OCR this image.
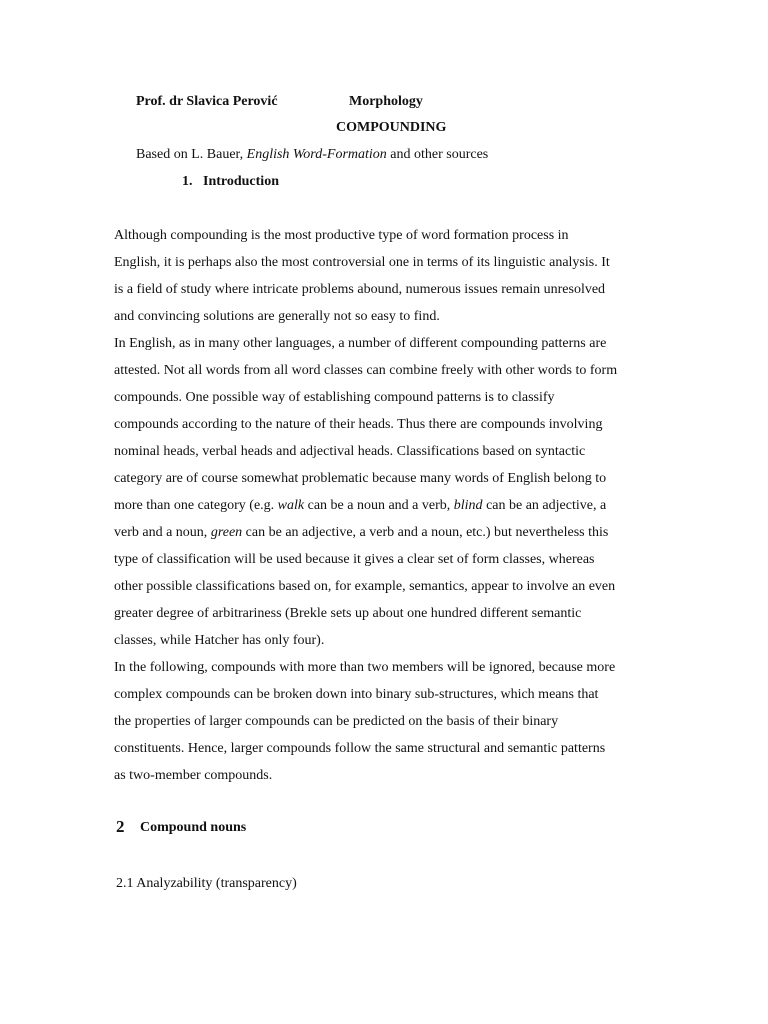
Prof. dr Slavica Perović	Morphology

COMPOUNDING

Based on L. Bauer, English Word-Formation and other sources

1.   Introduction

Although compounding is the most productive type of word formation process in
English, it is perhaps also the most controversial one in terms of its linguistic analysis. It
is a field of study where intricate problems abound, numerous issues remain unresolved
and convincing solutions are generally not so easy to find.
In English, as in many other languages, a number of different compounding patterns are
attested. Not all words from all word classes can combine freely with other words to form
compounds. One possible way of establishing compound patterns is to classify
compounds according to the nature of their heads. Thus there are compounds involving
nominal heads, verbal heads and adjectival heads. Classifications based on syntactic
category are of course somewhat problematic because many words of English belong to
more than one category (e.g. walk can be a noun and a verb, blind can be an adjective, a
verb and a noun, green can be an adjective, a verb and a noun, etc.) but nevertheless this
type of classification will be used because it gives a clear set of form classes, whereas
other possible classifications based on, for example, semantics, appear to involve an even
greater degree of arbitrariness (Brekle sets up about one hundred different semantic
classes, while Hatcher has only four).
In the following, compounds with more than two members will be ignored, because more
complex compounds can be broken down into binary sub-structures, which means that
the properties of larger compounds can be predicted on the basis of their binary
constituents. Hence, larger compounds follow the same structural and semantic patterns
as two-member compounds.

2 Compound nouns

2.1 Analyzability (transparency)
